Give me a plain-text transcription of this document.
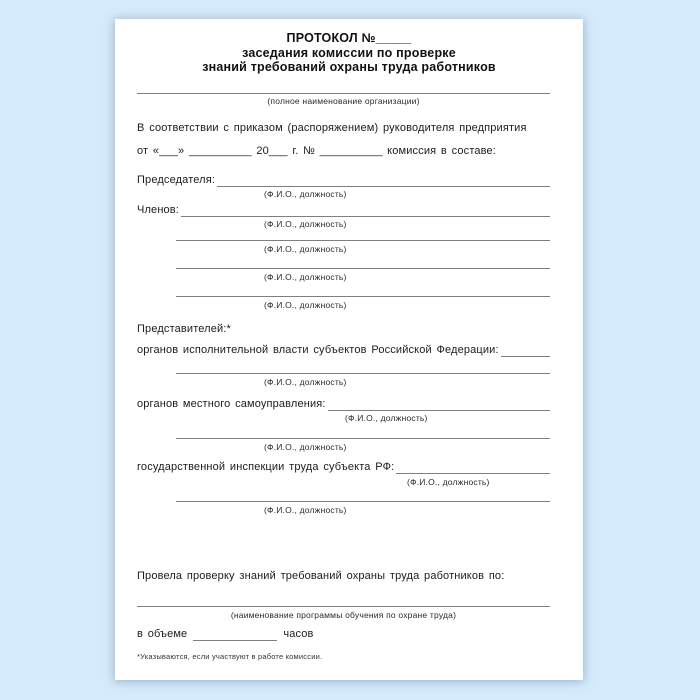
ПРОТОКОЛ №_____
заседания комиссии по проверке
знаний требований охраны труда работников
(полное наименование организации)
В соответствии с приказом (распоряжением) руководителя предприятия
от «___» __________ 20___ г. № __________ комиссия в составе:
Председателя:
(Ф.И.О., должность)
Членов:
(Ф.И.О., должность)
(Ф.И.О., должность)
(Ф.И.О., должность)
(Ф.И.О., должность)
Представителей:*
органов исполнительной власти субъектов Российской Федерации:
(Ф.И.О., должность)
органов местного самоуправления:
(Ф.И.О., должность)
(Ф.И.О., должность)
государственной инспекции труда субъекта РФ:
(Ф.И.О., должность)
(Ф.И.О., должность)
Провела проверку знаний требований охраны труда работников по:
(наименование программы обучения по охране труда)
в объеме	часов
*Указываются, если участвуют в работе комиссии.
